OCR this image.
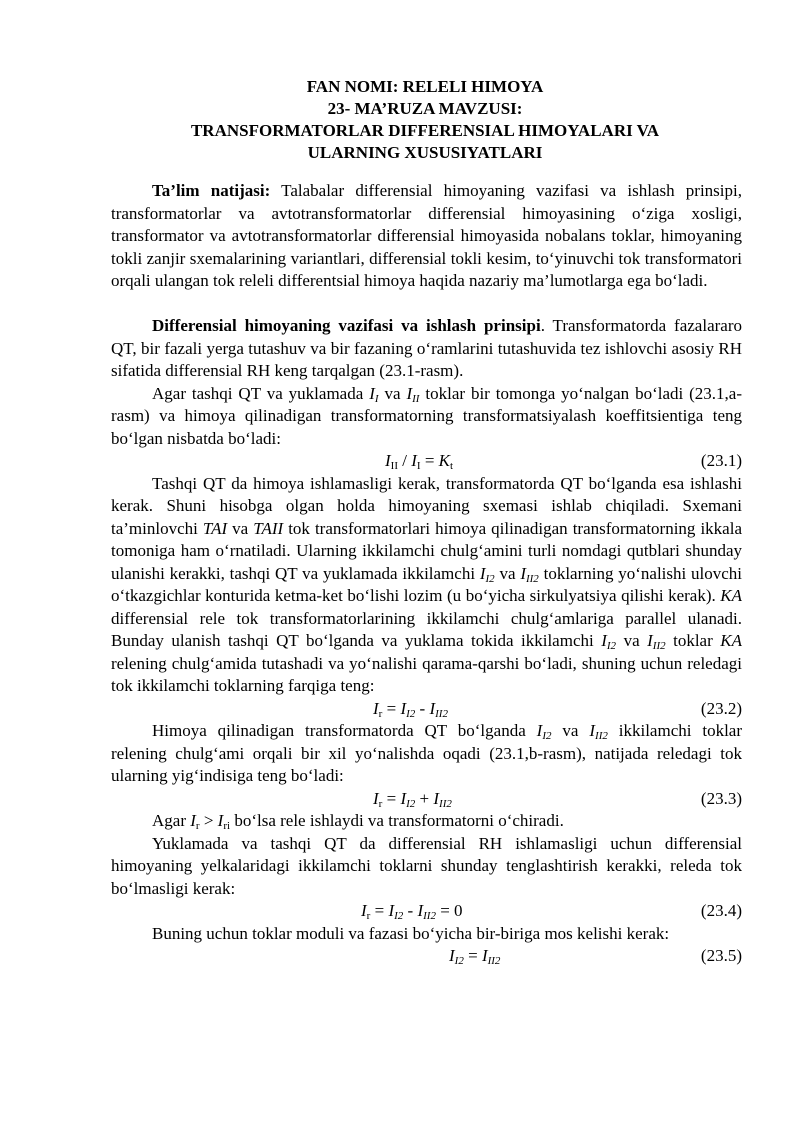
FAN NOMI: RELELI HIMOYA
23- MA’RUZA MAVZUSI:
TRANSFORMATORLAR DIFFERENSIAL HIMOYALARI VA
ULARNING XUSUSIYATLARI

Ta’lim natijasi: Talabalar differensial himoyaning vazifasi va ishlash prinsipi, transformatorlar va avtotransformatorlar differensial himoyasining o‘ziga xosligi, transformator va avtotransformatorlar differensial himoyasida nobalans toklar, himoyaning tokli zanjir sxemalarining variantlari, differensial tokli kesim, to‘yinuvchi tok transformatori orqali ulangan tok releli differentsial himoya haqida nazariy ma’lumotlarga ega bo‘ladi.

Differensial himoyaning vazifasi va ishlash prinsipi. Transformatorda fazalararo QT, bir fazali yerga tutashuv va bir fazaning o‘ramlarini tutashuvida tez ishlovchi asosiy RH sifatida differensial RH keng tarqalgan (23.1-rasm).

Agar tashqi QT va yuklamada $I_I$ va $I_{II}$ toklar bir tomonga yo‘nalgan bo‘ladi (23.1,a-rasm) va himoya qilinadigan transformatorning transformatsiyalash koeffitsientiga teng bo‘lgan nisbatda bo‘ladi:

$I_{II} / I_I = K_t$	(23.1)

Tashqi QT da himoya ishlamasligi kerak, transformatorda QT bo‘lganda esa ishlashi kerak. Shuni hisobga olgan holda himoyaning sxemasi ishlab chiqiladi. Sxemani ta’minlovchi TAI va TAII tok transformatorlari himoya qilinadigan transformatorning ikkala tomoniga ham o‘rnatiladi. Ularning ikkilamchi chulg‘amini turli nomdagi qutblari shunday ulanishi kerakki, tashqi QT va yuklamada ikkilamchi $I_{I2}$ va $I_{II2}$ toklarning yo‘nalishi ulovchi o‘tkazgichlar konturida ketma-ket bo‘lishi lozim (u bo‘yicha sirkulyatsiya qilishi kerak). KA differensial rele tok transformatorlarining ikkilamchi chulg‘amlariga parallel ulanadi. Bunday ulanish tashqi QT bo‘lganda va yuklama tokida ikkilamchi $I_{I2}$ va $I_{II2}$ toklar KA relening chulg‘amida tutashadi va yo‘nalishi qarama-qarshi bo‘ladi, shuning uchun reledagi tok ikkilamchi toklarning farqiga teng:

$I_r = I_{I2} - I_{II2}$	(23.2)

Himoya qilinadigan transformatorda QT bo‘lganda $I_{I2}$ va $I_{II2}$ ikkilamchi toklar relening chulg‘ami orqali bir xil yo‘nalishda oqadi (23.1,b-rasm), natijada reledagi tok ularning yig‘indisiga teng bo‘ladi:

$I_r = I_{I2} + I_{II2}$	(23.3)

Agar $I_r > I_{ri}$ bo‘lsa rele ishlaydi va transformatorni o‘chiradi.

Yuklamada va tashqi QT da differensial RH ishlamasligi uchun differensial himoyaning yelkalaridagi ikkilamchi toklarni shunday tenglashtirish kerakki, reledа tok bo‘lmasligi kerak:

$I_r = I_{I2} - I_{II2} = 0$	(23.4)

Buning uchun toklar moduli va fazasi bo‘yicha bir-biriga mos kelishi kerak:

$I_{I2} = I_{II2}$	(23.5)
